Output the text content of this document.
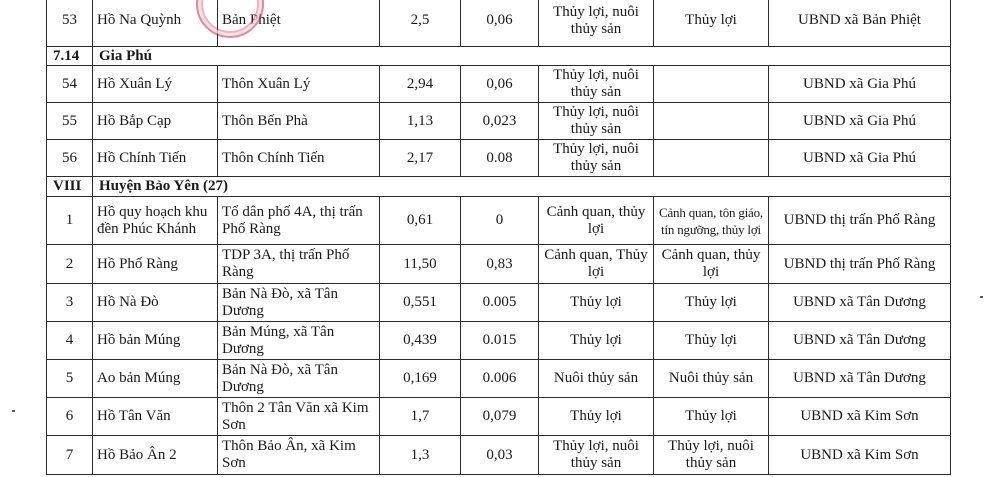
53	Hồ Na Quỳnh	Bản Phiệt	2,5	0,06	Thủy lợi, nuôi thủy sản	Thủy lợi	UBND xã Bản Phiệt
7.14	Gia Phú						
54	Hồ Xuân Lý	Thôn Xuân Lý	2,94	0,06	Thủy lợi, nuôi thủy sản		UBND xã Gia Phú
55	Hồ Bắp Cạp	Thôn Bến Phà	1,13	0,023	Thủy lợi, nuôi thủy sản		UBND xã Gia Phú
56	Hồ Chính Tiến	Thôn Chính Tiến	2,17	0.08	Thủy lợi, nuôi thủy sản		UBND xã Gia Phú
VIII	Huyện Bảo Yên (27)						
1	Hồ quy hoạch khu đền Phúc Khánh	Tổ dân phố 4A, thị trấn Phố Ràng	0,61	0	Cảnh quan, thủy lợi	Cảnh quan, tôn giáo, tín ngưỡng, thủy lợi	UBND thị trấn Phố Ràng
2	Hồ Phố Ràng	TDP 3A, thị trấn Phố Ràng	11,50	0,83	Cảnh quan, Thủy lợi	Cảnh quan, thủy lợi	UBND thị trấn Phố Ràng
3	Hồ Nà Đò	Bản Nà Đò, xã Tân Dương	0,551	0.005	Thủy lợi	Thủy lợi	UBND xã Tân Dương
4	Hồ bản Múng	Bản Múng, xã Tân Dương	0,439	0.015	Thủy lợi	Thủy lợi	UBND xã Tân Dương
5	Ao bản Múng	Bản Nà Đò, xã Tân Dương	0,169	0.006	Nuôi thủy sản	Nuôi thủy sản	UBND xã Tân Dương
6	Hồ Tân Văn	Thôn 2 Tân Văn xã Kim Sơn	1,7	0,079	Thủy lợi	Thủy lợi	UBND xã Kim Sơn
7	Hồ Bảo Ân 2	Thôn Bảo Ân, xã Kim Sơn	1,3	0,03	Thủy lợi, nuôi thủy sản	Thủy lợi, nuôi thủy sản	UBND xã Kim Sơn
